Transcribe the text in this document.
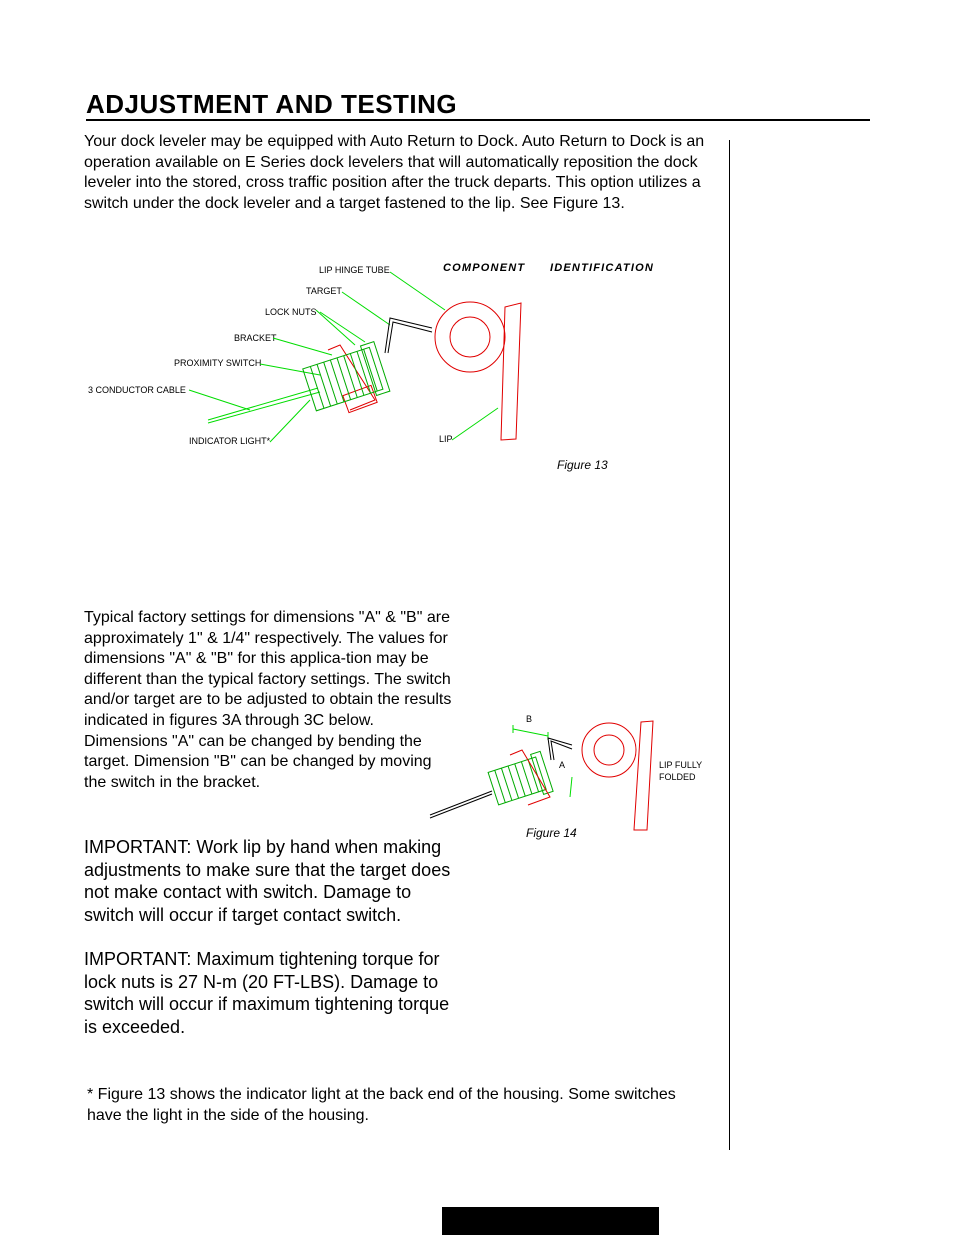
ADJUSTMENT AND TESTING

Your dock leveler may be equipped with Auto Return to Dock. Auto Return to Dock is an operation available on E Series dock levelers that will automatically reposition the dock leveler into the stored, cross traffic position after the truck departs. This option utilizes a switch under the dock leveler and a target fastened to the lip. See Figure 13.

COMPONENT IDENTIFICATION
LIP HINGE TUBE
TARGET
LOCK NUTS
BRACKET
PROXIMITY SWITCH
3 CONDUCTOR CABLE
INDICATOR LIGHT*	LIP
Figure 13

Typical factory settings for dimensions "A" & "B" are approximately 1" & 1/4" respectively. The values for dimensions "A" & "B" for this applica-tion may be different than the typical factory settings. The switch and/or target are to be adjusted to obtain the results indicated in figures 3A through 3C below. Dimensions "A" can be changed by bending the target. Dimension "B" can be changed by moving the switch in the bracket.

B
A	LIP FULLY
FOLDED
Figure 14

IMPORTANT: Work lip by hand when making adjustments to make sure that the target does not make contact with switch. Damage to switch will occur if target contact switch.

IMPORTANT: Maximum tightening torque for lock nuts is 27 N-m (20 FT-LBS). Damage to switch will occur if maximum tightening torque is exceeded.

* Figure 13 shows the indicator light at the back end of the housing. Some switches have the light in the side of the housing.
